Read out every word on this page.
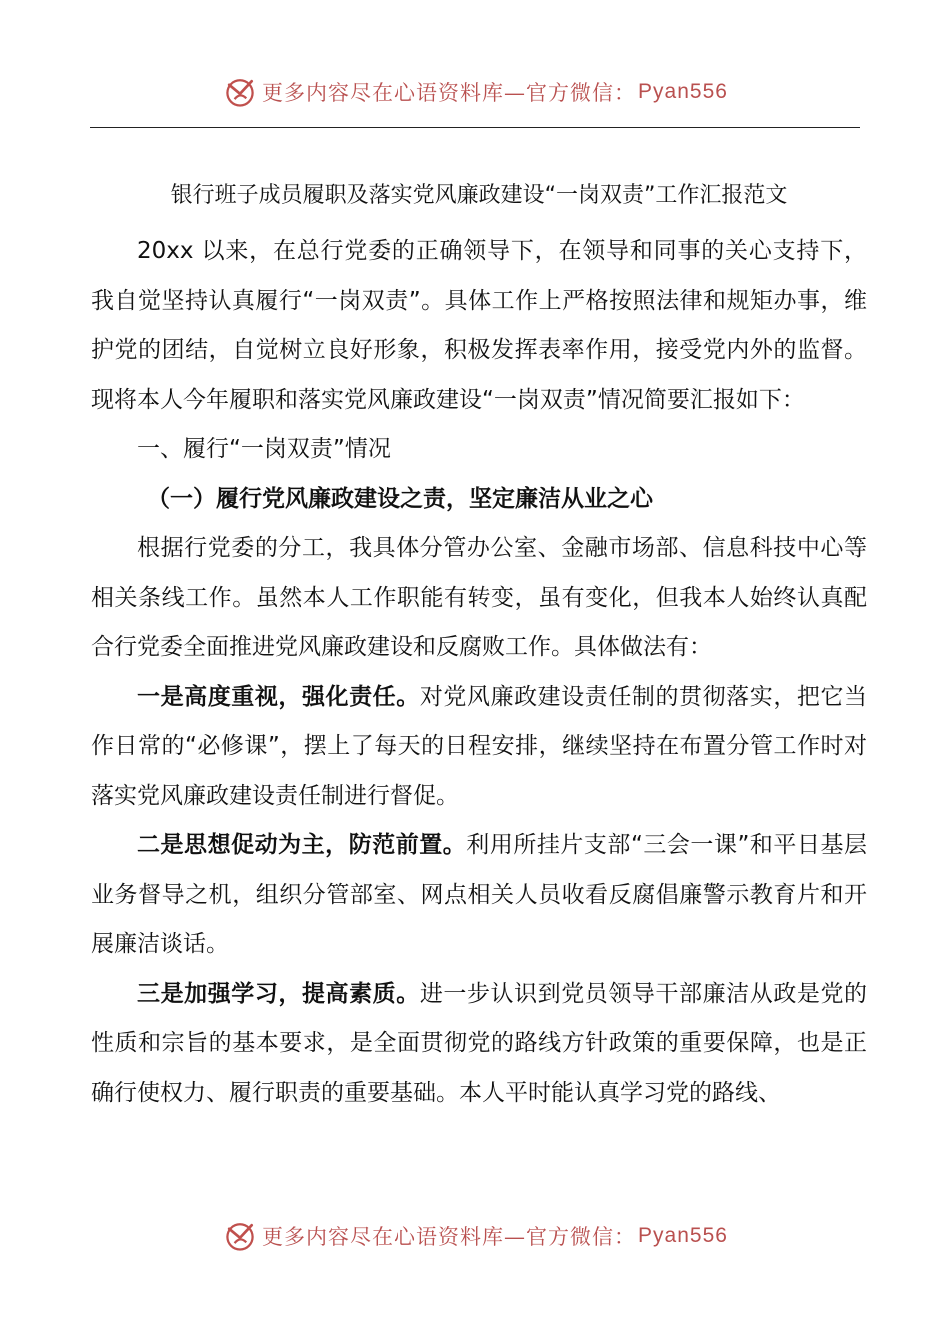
更多内容尽在心语资料库—官方微信： Pyan556
银行班子成员履职及落实党风廉政建设“一岗双责”工作汇报范文

20xx 以来，在总行党委的正确领导下，在领导和同事的关心支持下，我自觉坚持认真履行“一岗双责”。具体工作上严格按照法律和规矩办事，维护党的团结，自觉树立良好形象，积极发挥表率作用，接受党内外的监督。现将本人今年履职和落实党风廉政建设“一岗双责”情况简要汇报如下：

一、履行“一岗双责”情况

（一）履行党风廉政建设之责，坚定廉洁从业之心

根据行党委的分工，我具体分管办公室、金融市场部、信息科技中心等相关条线工作。虽然本人工作职能有转变，虽有变化，但我本人始终认真配合行党委全面推进党风廉政建设和反腐败工作。具体做法有：

一是高度重视，强化责任。对党风廉政建设责任制的贯彻落实，把它当作日常的“必修课”，摆上了每天的日程安排，继续坚持在布置分管工作时对落实党风廉政建设责任制进行督促。

二是思想促动为主，防范前置。利用所挂片支部“三会一课”和平日基层业务督导之机，组织分管部室、网点相关人员收看反腐倡廉警示教育片和开展廉洁谈话。

三是加强学习，提高素质。进一步认识到党员领导干部廉洁从政是党的性质和宗旨的基本要求，是全面贯彻党的路线方针政策的重要保障，也是正确行使权力、履行职责的重要基础。本人平时能认真学习党的路线、

更多内容尽在心语资料库—官方微信： Pyan556
